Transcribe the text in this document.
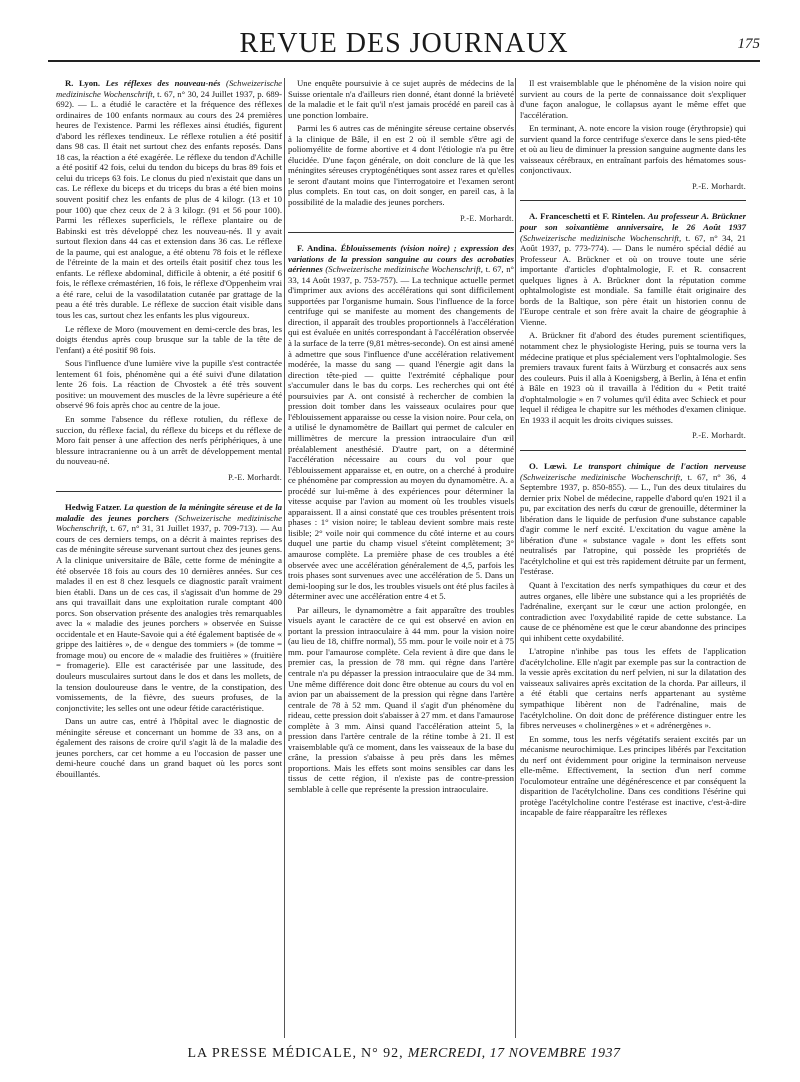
REVUE DES JOURNAUX	175

R. Lyon. Les réflexes des nouveau-nés (Schweizerische medizinische Wochenschrift, t. 67, n° 30, 24 Juillet 1937, p. 689-692). — L. a étudié le caractère et la fréquence des réflexes ordinaires de 100 enfants normaux au cours des 24 premières heures de l'existence. Parmi les réflexes ainsi étudiés, figurent d'abord les réflexes tendineux. Le réflexe rotulien a été positif dans 98 cas. Il était net surtout chez des enfants reposés. Dans 18 cas, la réaction a été exagérée. Le réflexe du tendon d'Achille a été positif 42 fois, celui du tendon du biceps du bras 89 fois et celui du triceps 63 fois. Le clonus du pied n'existait que dans un cas. Le réflexe du biceps et du triceps du bras a été bien moins souvent positif chez les enfants de plus de 4 kilogr. (13 et 10 pour 100) que chez ceux de 2 à 3 kilogr. (91 et 56 pour 100). Parmi les réflexes superficiels, le réflexe plantaire ou de Babinski est très développé chez les nouveau-nés. Il y avait surtout flexion dans 44 cas et extension dans 36 cas. Le réflexe de la paume, qui est analogue, a été obtenu 78 fois et le réflexe de l'étreinte de la main et des orteils était positif chez tous les enfants. Le réflexe abdominal, difficile à obtenir, a été positif 6 fois, le réflexe crémastérien, 16 fois, le réflexe d'Oppenheim vrai a été rare, celui de la vasodilatation cutanée par grattage de la peau a été très durable. Le réflexe de succion était visible dans tous les cas, surtout chez les enfants les plus vigoureux.

Le réflexe de Moro (mouvement en demi-cercle des bras, les doigts étendus après coup brusque sur la table de la tête de l'enfant) a été positif 98 fois.

Sous l'influence d'une lumière vive la pupille s'est contractée lentement 61 fois, phénomène qui a été suivi d'une dilatation lente 26 fois. La réaction de Chvostek a été très souvent positive: un mouvement des muscles de la lèvre supérieure a été observé 96 fois après choc au centre de la joue.

En somme l'absence du réflexe rotulien, du réflexe de succion, du réflexe facial, du réflexe du biceps et du réflexe de Moro fait penser à une affection des nerfs périphériques, à une blessure intracranienne ou à un arrêt de développement mental du nouveau-né.

P.-E. Morhardt.

Hedwig Fatzer. La question de la méningite séreuse et de la maladie des jeunes porchers (Schweizerische medizinische Wochenschrift, t. 67, n° 31, 31 Juillet 1937, p. 709-713). — Au cours de ces derniers temps, on a décrit à maintes reprises des cas de méningite séreuse survenant surtout chez des jeunes gens. A la clinique universitaire de Bâle, cette forme de méningite a été observée 18 fois au cours des 10 dernières années. Sur ces malades il en est 8 chez lesquels ce diagnostic paraît vraiment bien établi. Dans un de ces cas, il s'agissait d'un homme de 29 ans qui travaillait dans une exploitation rurale comptant 400 porcs. Son observation présente des analogies très remarquables avec la « maladie des jeunes porchers » observée en Suisse occidentale et en Haute-Savoie qui a été également baptisée de « grippe des laitières », de « dengue des tommiers » (de tomme = fromage mou) ou encore de « maladie des fruitières » (fruitière = fromagerie). Elle est caractérisée par une lassitude, des douleurs musculaires surtout dans le dos et dans les mollets, de la tension douloureuse dans le ventre, de la constipation, des vomissements, de la fièvre, des sueurs profuses, de la conjonctivite; les selles ont une odeur fétide caractéristique.

Dans un autre cas, entré à l'hôpital avec le diagnostic de méningite séreuse et concernant un homme de 33 ans, on a également des raisons de croire qu'il s'agit là de la maladie des jeunes porchers, car cet homme a eu l'occasion de passer une demi-heure couché dans un grand baquet où les porcs sont ébouillantés.

Une enquête poursuivie à ce sujet auprès de médecins de la Suisse orientale n'a d'ailleurs rien donné, étant donné la brièveté de la maladie et le fait qu'il n'est jamais procédé en pareil cas à une ponction lombaire.

Parmi les 6 autres cas de méningite séreuse certaine observés à la clinique de Bâle, il en est 2 où il semble s'être agi de poliomyélite de forme abortive et 4 dont l'étiologie n'a pu être élucidée. D'une façon générale, on doit conclure de là que les méningites séreuses cryptogénétiques sont assez rares et qu'elles le seront d'autant moins que l'interrogatoire et l'examen seront plus complets. En tout cas, on doit songer, en pareil cas, à la possibilité de la maladie des jeunes porchers.

P.-E. Morhardt.

F. Andina. Éblouissements (vision noire) ; expression des variations de la pression sanguine au cours des acrobaties aériennes (Schweizerische medizinische Wochenschrift, t. 67, n° 33, 14 Août 1937, p. 753-757). — La technique actuelle permet d'imprimer aux avions des accélérations qui sont difficilement supportées par l'organisme humain. Sous l'influence de la force centrifuge qui se manifeste au moment des changements de direction, il apparaît des troubles proportionnels à l'accélération qui est évaluée en unités correspondant à l'accélération observée à la surface de la terre (9,81 mètres-seconde). On est ainsi amené à admettre que sous l'influence d'une accélération relativement modérée, la masse du sang — quand l'énergie agit dans la direction tête-pied — quitte l'extrémité céphalique pour s'accumuler dans le bas du corps. Les recherches qui ont été poursuivies par A. ont consisté à rechercher de combien la pression doit tomber dans les vaisseaux oculaires pour que l'éblouissement apparaisse ou cesse la vision noire. Pour cela, on a utilisé le dynamomètre de Baillart qui permet de calculer en millimètres de mercure la pression intraoculaire d'un œil préalablement anesthésié. D'autre part, on a déterminé l'accélération nécessaire au cours du vol pour que l'éblouissement apparaisse et, en outre, on a cherché à produire ce phénomène par compression au moyen du dynamomètre. A. a procédé sur lui-même à des expériences pour déterminer la vitesse acquise par l'avion au moment où les troubles visuels apparaissent. Il a ainsi constaté que ces troubles présentent trois phases : 1° vision noire; le tableau devient sombre mais reste lisible; 2° voile noir qui commence du côté interne et au cours duquel une partie du champ visuel s'éteint complètement; 3° amaurose complète. La première phase de ces troubles a été observée avec une accélération généralement de 4,5, parfois les trois phases sont survenues avec une accélération de 5. Dans un demi-looping sur le dos, les troubles visuels ont été plus faciles à déterminer avec une accélération entre 4 et 5.

Par ailleurs, le dynamomètre a fait apparaître des troubles visuels ayant le caractère de ce qui est observé en avion en portant la pression intraoculaire à 44 mm. pour la vision noire (au lieu de 18, chiffre normal), 55 mm. pour le voile noir et à 75 mm. pour l'amaurose complète. Cela revient à dire que dans le premier cas, la pression de 78 mm. qui règne dans l'artère centrale n'a pu dépasser la pression intraoculaire que de 34 mm. Une même différence doit donc être obtenue au cours du vol en avion par un abaissement de la pression qui règne dans l'artère centrale de 78 à 52 mm. Quand il s'agit d'un phénomène du rideau, cette pression doit s'abaisser à 27 mm. et dans l'amaurose complète à 3 mm. Ainsi quand l'accélération atteint 5, la pression dans l'artère centrale de la rétine tombe à 21. Il est vraisemblable qu'à ce moment, dans les vaisseaux de la base du crâne, la pression s'abaisse à peu près dans les mêmes proportions. Mais les effets sont moins sensibles car dans les tissus de cette région, il n'existe pas de contre-pression semblable à celle que représente la pression intraoculaire.

Il est vraisemblable que le phénomène de la vision noire qui survient au cours de la perte de connaissance doit s'expliquer d'une façon analogue, le collapsus ayant le même effet que l'accélération.

En terminant, A. note encore la vision rouge (érythropsie) qui survient quand la force centrifuge s'exerce dans le sens pied-tête et où au lieu de diminuer la pression sanguine augmente dans les vaisseaux cérébraux, en entraînant parfois des hématomes sous-conjonctivaux.

P.-E. Morhardt.

A. Franceschetti et F. Rintelen. Au professeur A. Brückner pour son soixantième anniversaire, le 26 Août 1937 (Schweizerische medizinische Wochenschrift, t. 67, n° 34, 21 Août 1937, p. 773-774). — Dans le numéro spécial dédié au Professeur A. Brückner et où on trouve toute une série importante d'articles d'ophtalmologie, F. et R. consacrent quelques lignes à A. Brückner dont la réputation comme ophtalmologiste est mondiale. Sa famille était originaire des bords de la Baltique, son père était un historien connu de l'Europe centrale et son frère avait la chaire de géographie à Vienne.

A. Brückner fit d'abord des études purement scientifiques, notamment chez le physiologiste Hering, puis se tourna vers la médecine pratique et plus spécialement vers l'ophtalmologie. Ses premiers travaux furent faits à Würzburg et consacrés aux sens des couleurs. Puis il alla à Koenigsberg, à Berlin, à Iéna et enfin à Bâle en 1923 où il travailla à l'édition du « Petit traité d'ophtalmologie » en 7 volumes qu'il édita avec Schieck et pour lequel il rédigea le chapitre sur les méthodes d'examen clinique. En 1933 il acquit les droits civiques suisses.

P.-E. Morhardt.

O. Lœwi. Le transport chimique de l'action nerveuse (Schweizerische medizinische Wochenschrift, t. 67, n° 36, 4 Septembre 1937, p. 850-855). — L., l'un des deux titulaires du dernier prix Nobel de médecine, rappelle d'abord qu'en 1921 il a pu, par excitation des nerfs du cœur de grenouille, déterminer la libération dans le liquide de perfusion d'une substance capable d'agir comme le nerf excité. L'excitation du vague amène la libération d'une « substance vagale » dont les effets sont neutralisés par l'atropine, qui possède les propriétés de l'acétylcholine et qui est très rapidement détruite par un ferment, l'estérase.

Quant à l'excitation des nerfs sympathiques du cœur et des autres organes, elle libère une substance qui a les propriétés de l'adrénaline, exerçant sur le cœur une action prolongée, en contradiction avec l'oxydabilité rapide de cette substance. La cause de ce phénomène est que le cœur abandonne des principes qui inhibent cette oxydabilité.

L'atropine n'inhibe pas tous les effets de l'application d'acétylcholine. Elle n'agit par exemple pas sur la contraction de la vessie après excitation du nerf pelvien, ni sur la dilatation des vaisseaux salivaires après excitation de la chorda. Par ailleurs, il a été établi que certains nerfs appartenant au système sympathique libèrent non de l'adrénaline, mais de l'acétylcholine. On doit donc de préférence distinguer entre les fibres nerveuses « cholinergènes » et « adrénergènes ».

En somme, tous les nerfs végétatifs seraient excités par un mécanisme neurochimique. Les principes libérés par l'excitation du nerf ont évidemment pour origine la terminaison nerveuse elle-même. Effectivement, la section d'un nerf comme l'oculomoteur entraîne une dégénérescence et par conséquent la disparition de l'acétylcholine. Dans ces conditions l'ésérine qui protège l'acétylcholine contre l'estérase est inactive, c'est-à-dire incapable de faire réapparaître les réflexes

LA PRESSE MÉDICALE, N° 92, MERCREDI, 17 NOVEMBRE 1937
